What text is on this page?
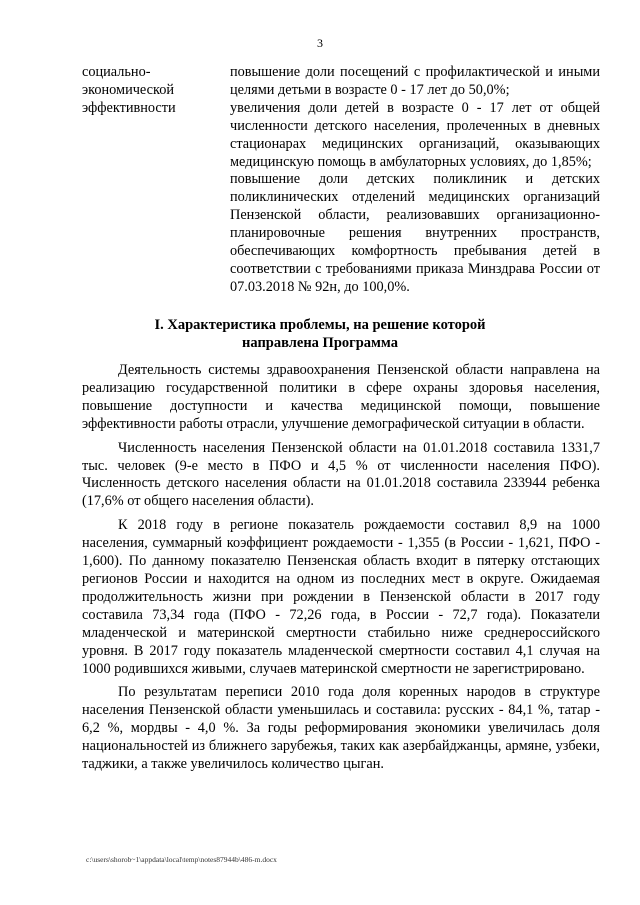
3
социально-
экономической
эффективности
повышение доли посещений с профилактической и иными целями детьми в возрасте 0 - 17 лет до 50,0%;
увеличения доли детей в возрасте 0 - 17 лет от общей численности детского населения, пролеченных в дневных стационарах медицинских организаций, оказывающих медицинскую помощь в амбулаторных условиях, до 1,85%;
повышение доли детских поликлиник и детских поликлинических отделений медицинских организаций Пензенской области, реализовавших организационно-планировочные решения внутренних пространств, обеспечивающих комфортность пребывания детей в соответствии с требованиями приказа Минздрава России от 07.03.2018 № 92н, до 100,0%.
I. Характеристика проблемы, на решение которой
направлена Программа

Деятельность системы здравоохранения Пензенской области направлена на реализацию государственной политики в сфере охраны здоровья населения, повышение доступности и качества медицинской помощи, повышение эффективности работы отрасли, улучшение демографической ситуации в области.

Численность населения Пензенской области на 01.01.2018 составила 1331,7 тыс. человек (9-е место в ПФО и 4,5 % от численности населения ПФО). Численность детского населения области на 01.01.2018 составила 233944 ребенка (17,6% от общего населения области).

К 2018 году в регионе показатель рождаемости составил 8,9 на 1000 населения, суммарный коэффициент рождаемости - 1,355 (в России - 1,621, ПФО - 1,600). По данному показателю Пензенская область входит в пятерку отстающих регионов России и находится на одном из последних мест в округе. Ожидаемая продолжительность жизни при рождении в Пензенской области в 2017 году составила 73,34 года (ПФО - 72,26 года, в России - 72,7 года). Показатели младенческой и материнской смертности стабильно ниже среднероссийского уровня. В 2017 году показатель младенческой смертности составил 4,1 случая на 1000 родившихся живыми, случаев материнской смертности не зарегистрировано.

По результатам переписи 2010 года доля коренных народов в структуре населения Пензенской области уменьшилась и составила: русских - 84,1 %, татар - 6,2 %, мордвы - 4,0 %. За годы реформирования экономики увеличилась доля национальностей из ближнего зарубежья, таких как азербайджанцы, армяне, узбеки, таджики, а также увеличилось количество цыган.

c:\users\shorob~1\appdata\local\temp\notes87944b\486-m.docx
